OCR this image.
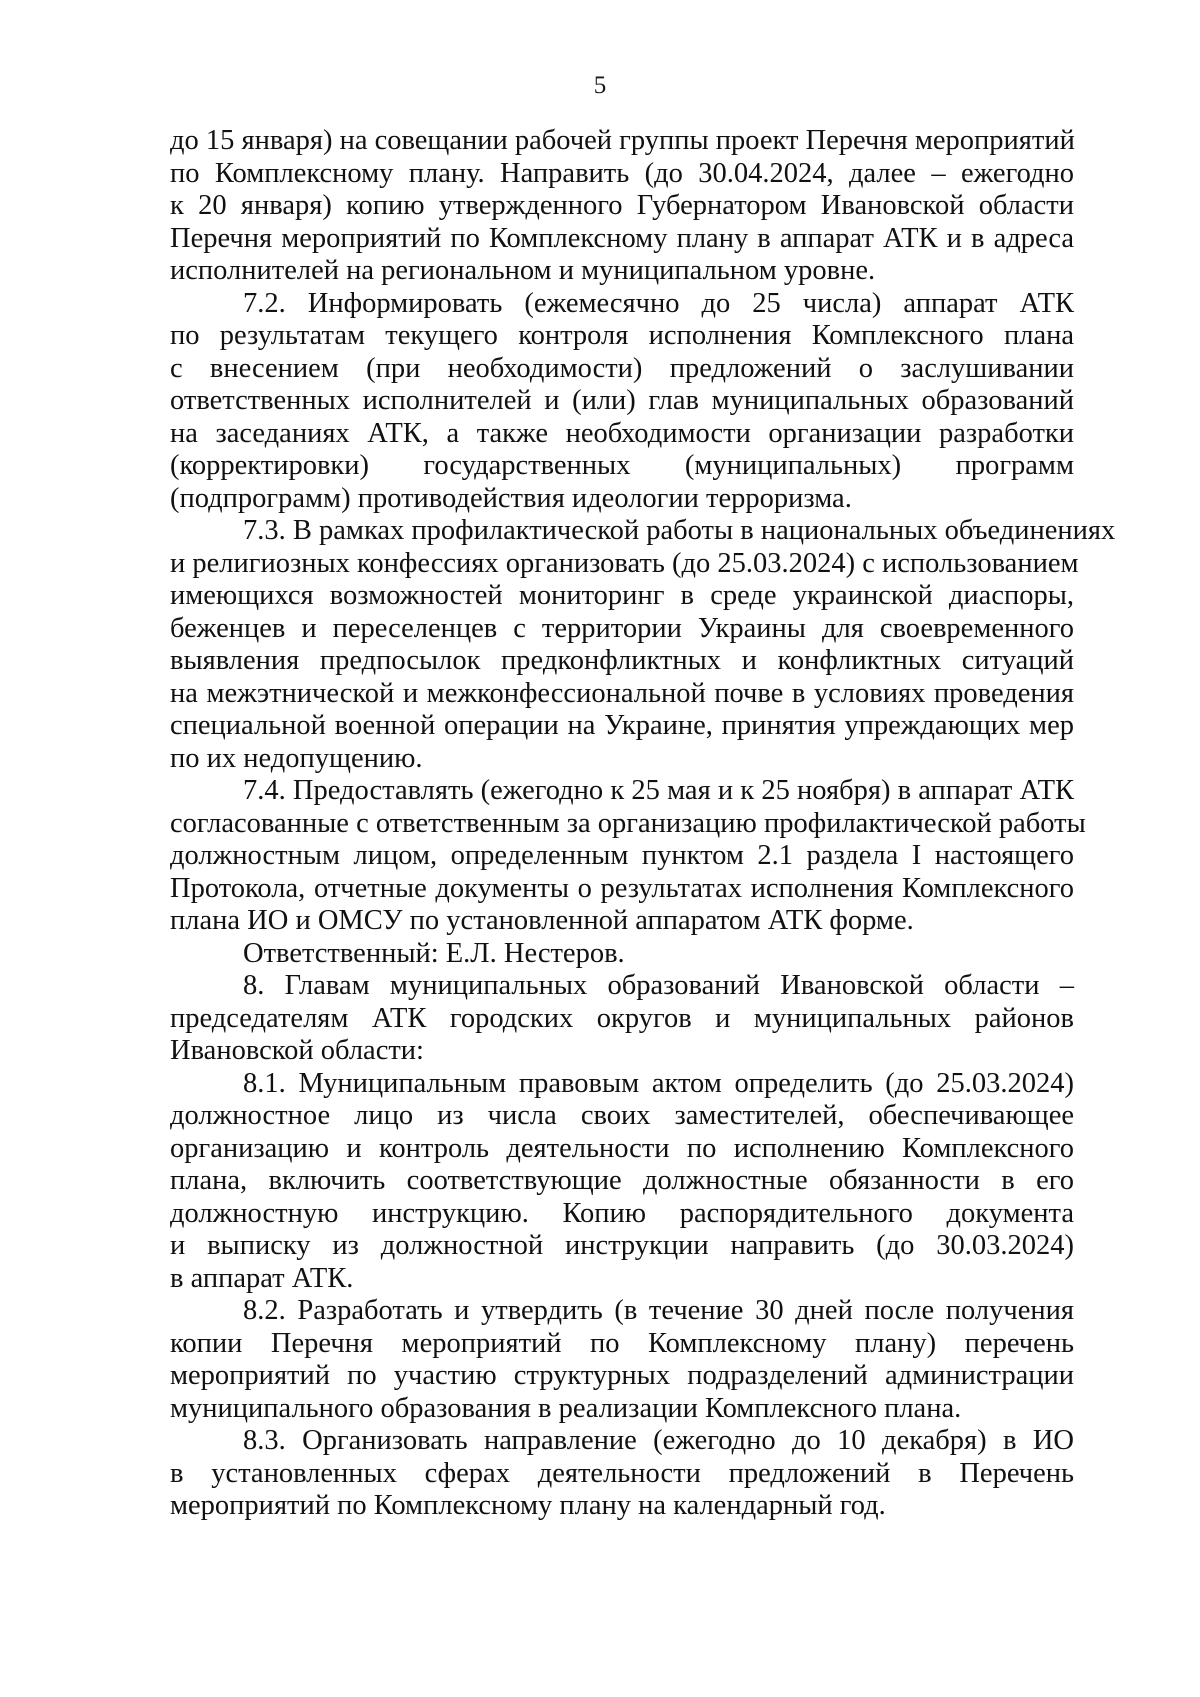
5
до 15 января) на совещании рабочей группы проект Перечня мероприятий
по Комплексному плану. Направить (до 30.04.2024, далее – ежегодно
к 20 января) копию утвержденного Губернатором Ивановской области
Перечня мероприятий по Комплексному плану в аппарат АТК и в адреса
исполнителей на региональном и муниципальном уровне.
7.2. Информировать (ежемесячно до 25 числа) аппарат АТК
по результатам текущего контроля исполнения Комплексного плана
с внесением (при необходимости) предложений о заслушивании
ответственных исполнителей и (или) глав муниципальных образований
на заседаниях АТК, а также необходимости организации разработки
(корректировки) государственных (муниципальных) программ
(подпрограмм) противодействия идеологии терроризма.
7.3. В рамках профилактической работы в национальных объединениях
и религиозных конфессиях организовать (до 25.03.2024) с использованием
имеющихся возможностей мониторинг в среде украинской диаспоры,
беженцев и переселенцев с территории Украины для своевременного
выявления предпосылок предконфликтных и конфликтных ситуаций
на межэтнической и межконфессиональной почве в условиях проведения
специальной военной операции на Украине, принятия упреждающих мер
по их недопущению.
7.4. Предоставлять (ежегодно к 25 мая и к 25 ноября) в аппарат АТК
согласованные с ответственным за организацию профилактической работы
должностным лицом, определенным пунктом 2.1 раздела I настоящего
Протокола, отчетные документы о результатах исполнения Комплексного
плана ИО и ОМСУ по установленной аппаратом АТК форме.
Ответственный: Е.Л. Нестеров.
8. Главам муниципальных образований Ивановской области –
председателям АТК городских округов и муниципальных районов
Ивановской области:
8.1. Муниципальным правовым актом определить (до 25.03.2024)
должностное лицо из числа своих заместителей, обеспечивающее
организацию и контроль деятельности по исполнению Комплексного
плана, включить соответствующие должностные обязанности в его
должностную инструкцию. Копию распорядительного документа
и выписку из должностной инструкции направить (до 30.03.2024)
в аппарат АТК.
8.2. Разработать и утвердить (в течение 30 дней после получения
копии Перечня мероприятий по Комплексному плану) перечень
мероприятий по участию структурных подразделений администрации
муниципального образования в реализации Комплексного плана.
8.3. Организовать направление (ежегодно до 10 декабря) в ИО
в установленных сферах деятельности предложений в Перечень
мероприятий по Комплексному плану на календарный год.
